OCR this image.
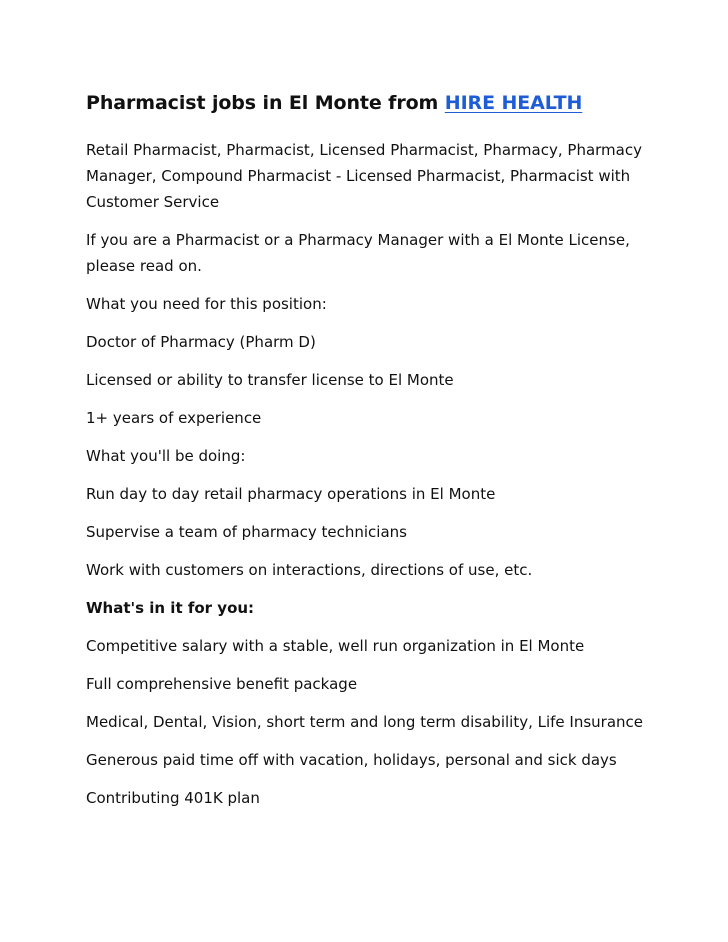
Pharmacist jobs in El Monte from HIRE HEALTH

Retail Pharmacist, Pharmacist, Licensed Pharmacist, Pharmacy, Pharmacy Manager, Compound Pharmacist - Licensed Pharmacist, Pharmacist with Customer Service

If you are a Pharmacist or a Pharmacy Manager with a El Monte License, please read on.

What you need for this position:

Doctor of Pharmacy (Pharm D)

Licensed or ability to transfer license to El Monte

1+ years of experience

What you'll be doing:

Run day to day retail pharmacy operations in El Monte

Supervise a team of pharmacy technicians

Work with customers on interactions, directions of use, etc.

What's in it for you:

Competitive salary with a stable, well run organization in El Monte

Full comprehensive benefit package

Medical, Dental, Vision, short term and long term disability, Life Insurance

Generous paid time off with vacation, holidays, personal and sick days

Contributing 401K plan
